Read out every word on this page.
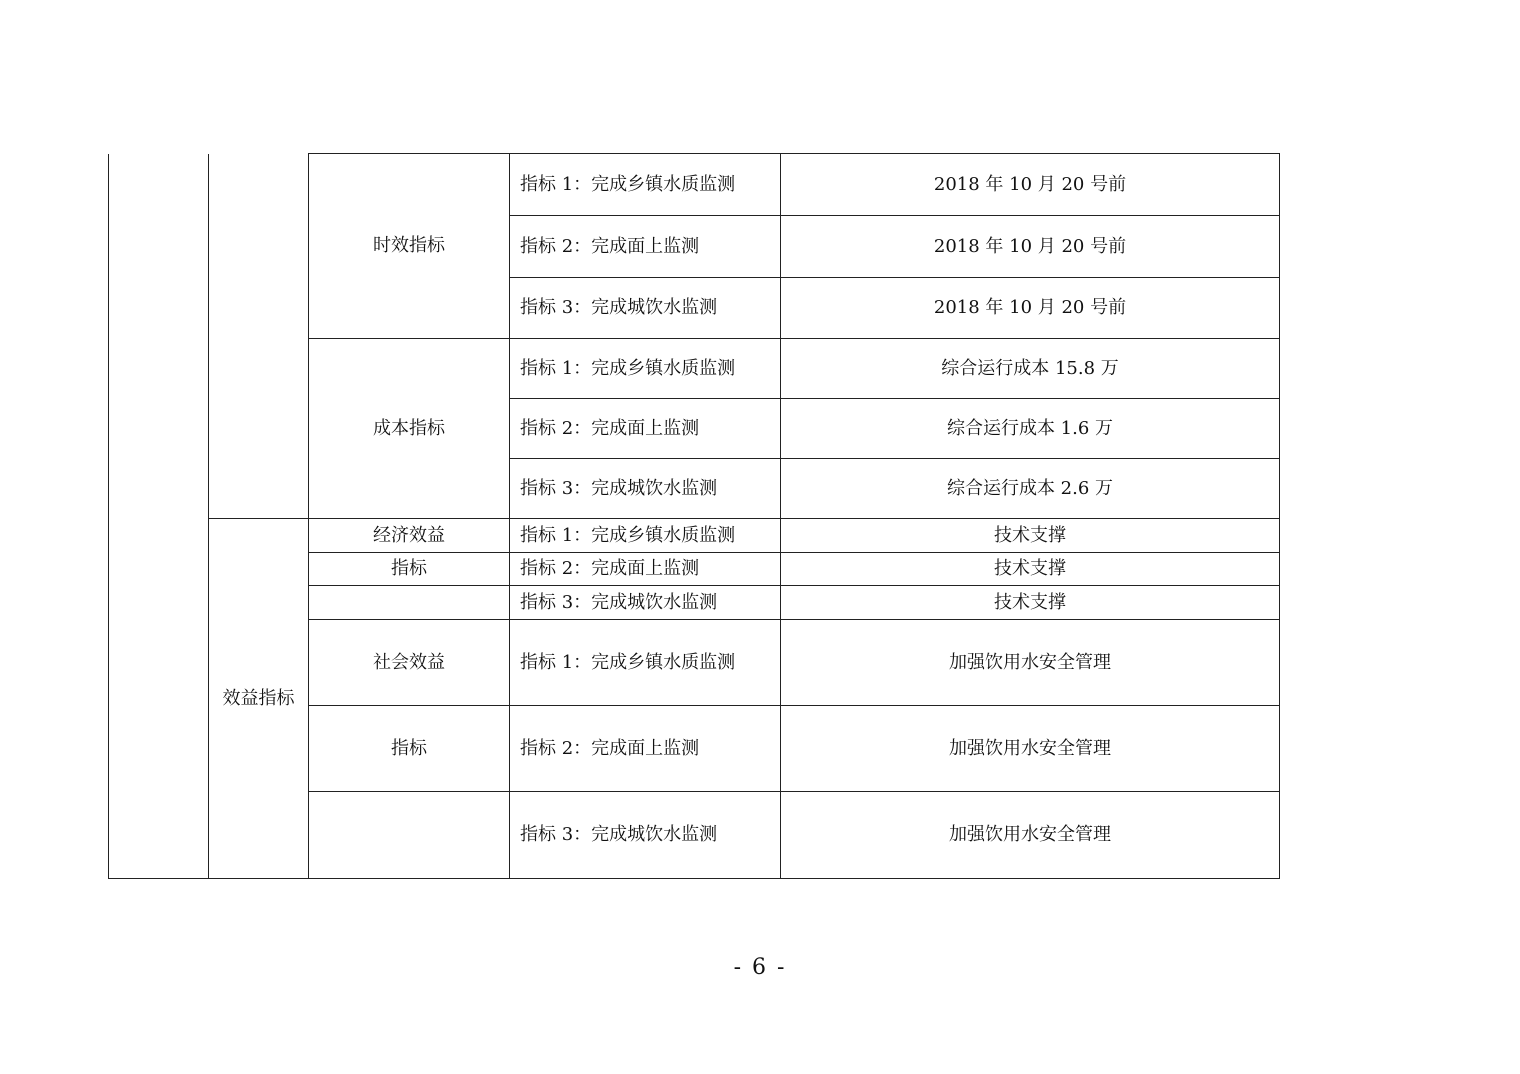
效益指标
时效指标
成本指标
经济效益
指标
社会效益
指标
指标 1：完成乡镇水质监测
指标 2：完成面上监测
指标 3：完成城饮水监测
指标 1：完成乡镇水质监测
指标 2：完成面上监测
指标 3：完成城饮水监测
指标 1：完成乡镇水质监测
指标 2：完成面上监测
指标 3：完成城饮水监测
指标 1：完成乡镇水质监测
指标 2：完成面上监测
指标 3：完成城饮水监测
2018 年 10 月 20 号前
2018 年 10 月 20 号前
2018 年 10 月 20 号前
综合运行成本 15.8 万
综合运行成本 1.6 万
综合运行成本 2.6 万
技术支撑
技术支撑
技术支撑
加强饮用水安全管理
加强饮用水安全管理
加强饮用水安全管理
- 6 -
